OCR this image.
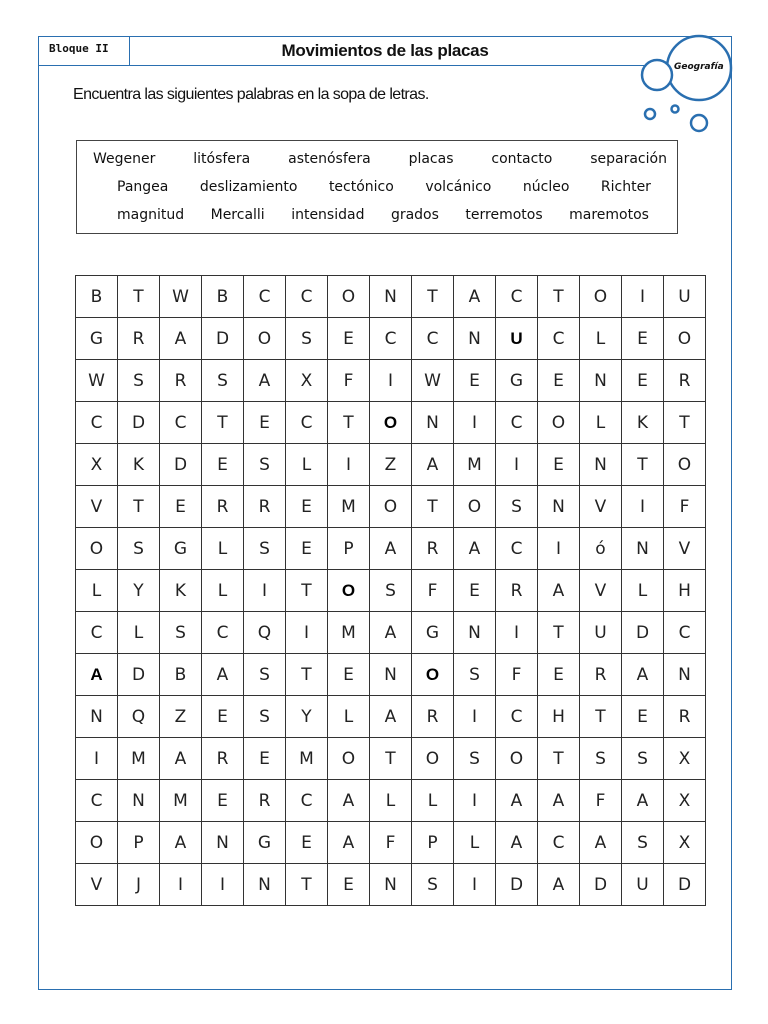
Bloque II	Movimientos de las placas
Geografía
Encuentra las siguientes palabras en la sopa de letras.
Wegener	litósfera	astenósfera	placas	contacto	separación
Pangea deslizamiento tectónico volcánico núcleo Richter
magnitud Mercalli intensidad grados terremotos maremotos
B	T	W	B	C	C	O	N	T	A	C	T	O	I	U
G	R	A	D	O	S	E	C	C	N	U	C	L	E	O
W	S	R	S	A	X	F	I	W	E	G	E	N	E	R
C	D	C	T	E	C	T	O	N	I	C	O	L	K	T
X	K	D	E	S	L	I	Z	A	M	I	E	N	T	O
V	T	E	R	R	E	M	O	T	O	S	N	V	I	F
O	S	G	L	S	E	P	A	R	A	C	I	ó	N	V
L	Y	K	L	I	T	O	S	F	E	R	A	V	L	H
C	L	S	C	Q	I	M	A	G	N	I	T	U	D	C
A	D	B	A	S	T	E	N	O	S	F	E	R	A	N
N	Q	Z	E	S	Y	L	A	R	I	C	H	T	E	R
I	M	A	R	E	M	O	T	O	S	O	T	S	S	X
C	N	M	E	R	C	A	L	L	I	A	A	F	A	X
O	P	A	N	G	E	A	F	P	L	A	C	A	S	X
V	J	I	I	N	T	E	N	S	I	D	A	D	U	D
